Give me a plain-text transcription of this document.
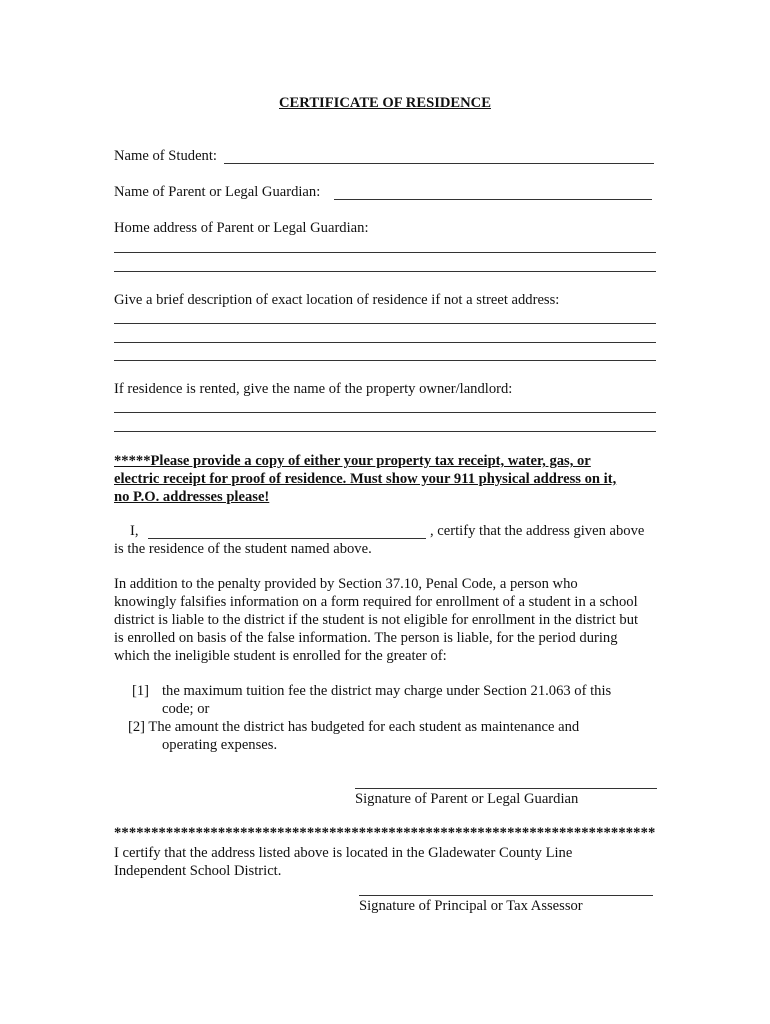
CERTIFICATE OF RESIDENCE
Name of Student:
Name of Parent or Legal Guardian:
Home address of Parent or Legal Guardian:
Give a brief description of exact location of residence if not a street address:
If residence is rented, give the name of the property owner/landlord:
*****Please provide a copy of either your property tax receipt, water, gas, or
electric receipt for proof of residence. Must show your 911 physical address on it,
no P.O. addresses please!
I,	, certify that the address given above
is the residence of the student named above.
In addition to the penalty provided by Section 37.10, Penal Code, a person who
knowingly falsifies information on a form required for enrollment of a student in a school
district is liable to the district if the student is not eligible for enrollment in the district but
is enrolled on basis of the false information. The person is liable, for the period during
which the ineligible student is enrolled for the greater of:
[1] the maximum tuition fee the district may charge under Section 21.063 of this
code; or
[2] The amount the district has budgeted for each student as maintenance and
operating expenses.
Signature of Parent or Legal Guardian
*************************************************************************
I certify that the address listed above is located in the Gladewater County Line
Independent School District.
Signature of Principal or Tax Assessor
